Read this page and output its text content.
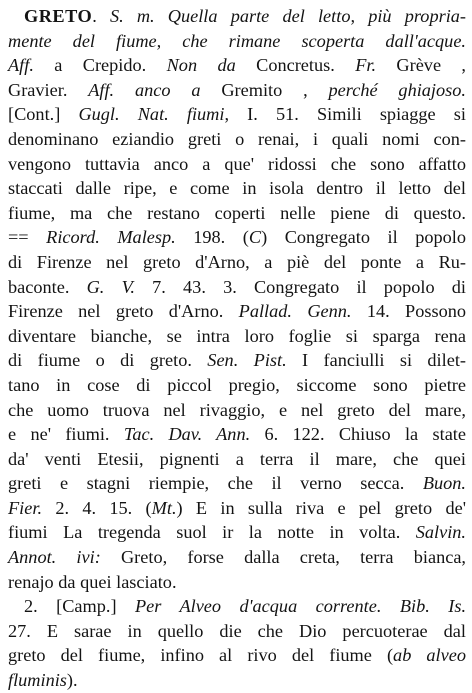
GRETO. S. m. Quella parte del letto, più propria-
mente del fiume, che rimane scoperta dall'acque.
Aff. a Crepido. Non da Concretus. Fr. Grève ,
Gravier. Aff. anco a Gremito , perché ghiajoso.
[Cont.] Gugl. Nat. fiumi, I. 51. Simili spiagge si
denominano eziandio greti o renai, i quali nomi con-
vengono tuttavia anco a que' ridossi che sono affatto
staccati dalle ripe, e come in isola dentro il letto del
fiume, ma che restano coperti nelle piene di questo.
== Ricord. Malesp. 198. (C) Congregato il popolo
di Firenze nel greto d'Arno, a piè del ponte a Ru-
baconte. G. V. 7. 43. 3. Congregato il popolo di
Firenze nel greto d'Arno. Pallad. Genn. 14. Possono
diventare bianche, se intra loro foglie si sparga rena
di fiume o di greto. Sen. Pist. I fanciulli si dilet-
tano in cose di piccol pregio, siccome sono pietre
che uomo truova nel rivaggio, e nel greto del mare,
e ne' fiumi. Tac. Dav. Ann. 6. 122. Chiuso la state
da' venti Etesii, pignenti a terra il mare, che quei
greti e stagni riempie, che il verno secca. Buon.
Fier. 2. 4. 15. (Mt.) E in sulla riva e pel greto de'
fiumi La tregenda suol ir la notte in volta. Salvin.
Annot. ivi: Greto, forse dalla creta, terra bianca,
renajo da quei lasciato.
2. [Camp.] Per Alveo d'acqua corrente. Bib. Is.
27. E sarae in quello die che Dio percuoterae dal
greto del fiume, infino al rivo del fiume (ab alveo
fluminis).
